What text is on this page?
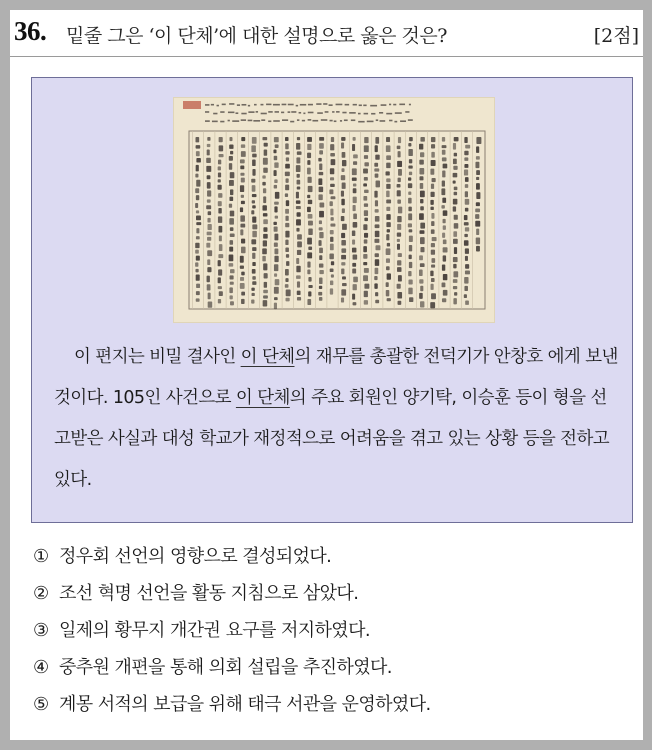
36. 밑줄 그은 ‘이 단체’에 대한 설명으로 옳은 것은?	[2점]
이 편지는 비밀 결사인 이 단체의 재무를 총괄한 전덕기가 안창호 에게 보낸 것이다. 105인 사건으로 이 단체의 주요 회원인 양기탁, 이승훈 등이 형을 선고받은 사실과 대성 학교가 재정적으로 어려움을 겪고 있는 상황 등을 전하고 있다.
① 정우회 선언의 영향으로 결성되었다.
② 조선 혁명 선언을 활동 지침으로 삼았다.
③ 일제의 황무지 개간권 요구를 저지하였다.
④ 중추원 개편을 통해 의회 설립을 추진하였다.
⑤ 계몽 서적의 보급을 위해 태극 서관을 운영하였다.
